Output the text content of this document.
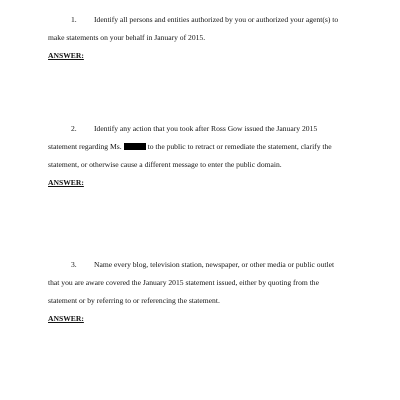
1. Identify all persons and entities authorized by you or authorized your agent(s) to
make statements on your behalf in January of 2015.
ANSWER:
2. Identify any action that you took after Ross Gow issued the January 2015
statement regarding Ms.	to the public to retract or remediate the statement, clarify the
statement, or otherwise cause a different message to enter the public domain.
ANSWER:
3. Name every blog, television station, newspaper, or other media or public outlet
that you are aware covered the January 2015 statement issued, either by quoting from the
statement or by referring to or referencing the statement.
ANSWER:
